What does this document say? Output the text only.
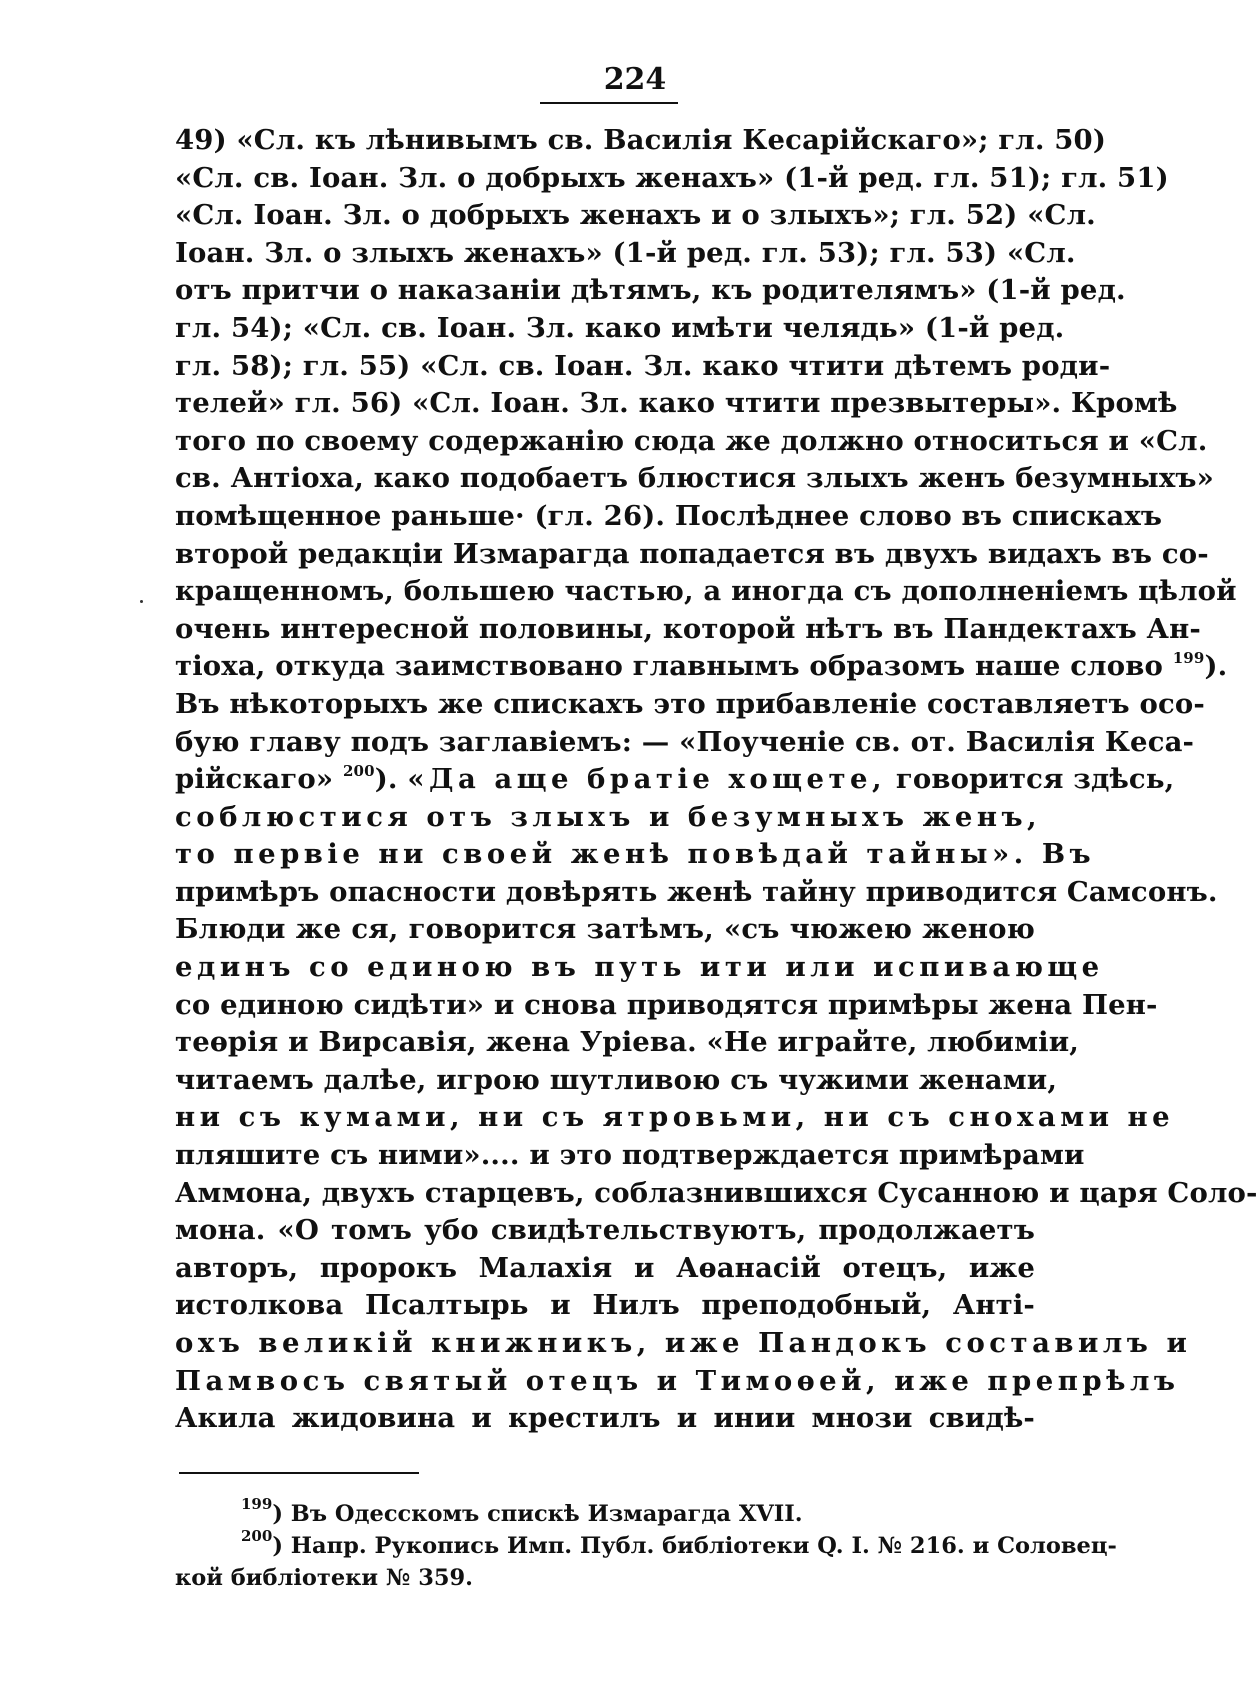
224
49) «Сл. къ лѣнивымъ св. Василія Кесарійскаго»; гл. 50)
«Сл. св. Іоан. Зл. о добрыхъ женахъ» (1-й ред. гл. 51); гл. 51)
«Сл. Іоан. Зл. о добрыхъ женахъ и о злыхъ»; гл. 52) «Сл.
Іоан. Зл. о злыхъ женахъ» (1-й ред. гл. 53); гл. 53) «Сл.
отъ притчи о наказаніи дѣтямъ, къ родителямъ» (1-й ред.
гл. 54); «Сл. св. Іоан. Зл. како имѣти челядь» (1-й ред.
гл. 58); гл. 55) «Сл. св. Іоан. Зл. како чтити дѣтемъ роди-
телей» гл. 56) «Сл. Іоан. Зл. како чтити презвытеры». Кромѣ
того по своему содержанію сюда же должно относиться и «Сл.
св. Антіоха, како подобаетъ блюстися злыхъ женъ безумныхъ»
помѣщенное раньше· (гл. 26). Послѣднее слово въ спискахъ
второй редакціи Измарагда попадается въ двухъ видахъ въ со-
кращенномъ, большею частью, а иногда съ дополненіемъ цѣлой
очень интересной половины, которой нѣтъ въ Пандектахъ Ан-
тіоха, откуда заимствовано главнымъ образомъ наше слово $^{199}$).
Въ нѣкоторыхъ же спискахъ это прибавленіе составляетъ осо-
бую главу подъ заглавіемъ: — «Поученіе св. от. Василія Кеса-
рійскаго» $^{200}$). «Да аще братіе хощете, говорится здѣсь,
соблюстися отъ злыхъ и безумныхъ женъ,
то первіе ни своей женѣ повѣдай тайны». Въ
примѣръ опасности довѣрять женѣ тайну приводится Самсонъ.
Блюди же ся, говорится затѣмъ, «съ чюжею женою
единъ со единою въ путь ити или испивающе
со единою сидѣти» и снова приводятся примѣры жена Пен-
теѳрія и Вирсавія, жена Уріева. «Не играйте, любимiи,
читаемъ далѣе, игрою шутливою съ чужими женами,
ни съ кумами, ни съ ятровьми, ни съ снохами не
пляшите съ ними».... и это подтверждается примѣрами
Аммона, двухъ старцевъ, соблазнившихся Сусанною и царя Соло-
мона. «О томъ убо свидѣтельствуютъ, продолжаетъ
авторъ, пророкъ Малахія и Аѳанасій отецъ, иже
истолкова Псалтырь и Нилъ преподобный, Анті-
охъ великій книжникъ, иже Пандокъ составилъ и
Памвосъ святый отецъ и Тимоѳей, иже препрѣлъ
Акила жидовина и крестилъ и инии мнози свидѣ-
$^{199}$) Въ Одесскомъ спискѣ Измарагда XVII.
$^{200}$) Напр. Рукопись Имп. Публ. библіотеки Q. I. № 216. и Соловец-
кой библіотеки № 359.
